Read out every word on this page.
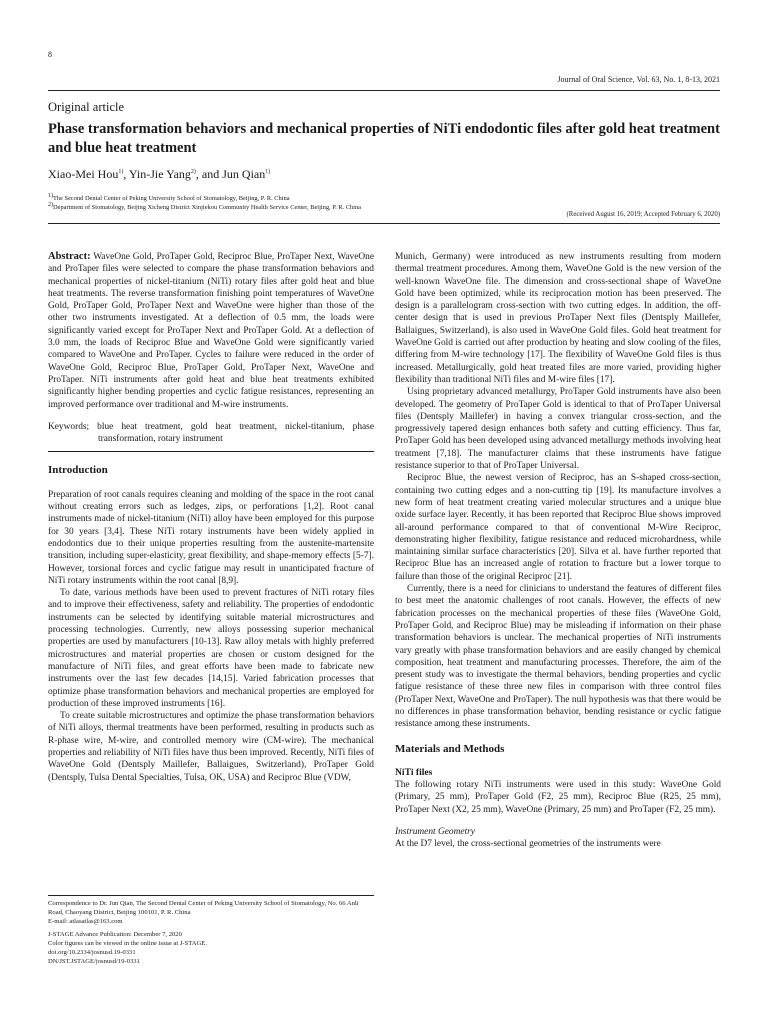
8
Journal of Oral Science, Vol. 63, No. 1, 8-13, 2021
Original article
Phase transformation behaviors and mechanical properties of NiTi endodontic files after gold heat treatment and blue heat treatment
Xiao-Mei Hou$^{1)}$, Yin-Jie Yang$^{2)}$, and Jun Qian$^{1)}$
$^{1)}$The Second Dental Center of Peking University School of Stomatology, Beijing, P. R. China
$^{2)}$Department of Stomatology, Beijing Xicheng District Xinjiekou Community Health Service Center, Beijing, P. R. China
(Received August 16, 2019; Accepted February 6, 2020)

Abstract: WaveOne Gold, ProTaper Gold, Reciproc Blue, ProTaper Next, WaveOne and ProTaper files were selected to compare the phase transformation behaviors and mechanical properties of nickel-titanium (NiTi) rotary files after gold heat and blue heat treatments. The reverse transformation finishing point temperatures of WaveOne Gold, ProTaper Gold, ProTaper Next and WaveOne were higher than those of the other two instruments investigated. At a deflection of 0.5 mm, the loads were significantly varied except for ProTaper Next and ProTaper Gold. At a deflection of 3.0 mm, the loads of Reciproc Blue and WaveOne Gold were significantly varied compared to WaveOne and ProTaper. Cycles to failure were reduced in the order of WaveOne Gold, Reciproc Blue, ProTaper Gold, ProTaper Next, WaveOne and ProTaper. NiTi instruments after gold heat and blue heat treatments exhibited significantly higher bending properties and cyclic fatigue resistances, representing an improved performance over traditional and M-wire instruments.

Keywords; blue heat treatment, gold heat treatment, nickel-titanium, phase transformation, rotary instrument

Introduction

Preparation of root canals requires cleaning and molding of the space in the root canal without creating errors such as ledges, zips, or perforations [1,2]. Root canal instruments made of nickel-titanium (NiTi) alloy have been employed for this purpose for 30 years [3,4]. These NiTi rotary instruments have been widely applied in endodontics due to their unique properties resulting from the austenite-martensite transition, including super-elasticity, great flexibility, and shape-memory effects [5-7]. However, torsional forces and cyclic fatigue may result in unanticipated fracture of NiTi rotary instruments within the root canal [8,9].

To date, various methods have been used to prevent fractures of NiTi rotary files and to improve their effectiveness, safety and reliability. The properties of endodontic instruments can be selected by identifying suitable material microstructures and processing technologies. Currently, new alloys possessing superior mechanical properties are used by manufacturers [10-13]. Raw alloy metals with highly preferred microstructures and material properties are chosen or custom designed for the manufacture of NiTi files, and great efforts have been made to fabricate new instruments over the last few decades [14,15]. Varied fabrication processes that optimize phase transformation behaviors and mechanical properties are employed for production of these improved instruments [16].

To create suitable microstructures and optimize the phase transformation behaviors of NiTi alloys, thermal treatments have been performed, resulting in products such as R-phase wire, M-wire, and controlled memory wire (CM-wire). The mechanical properties and reliability of NiTi files have thus been improved. Recently, NiTi files of WaveOne Gold (Dentsply Maillefer, Ballaigues, Switzerland), ProTaper Gold (Dentsply, Tulsa Dental Specialties, Tulsa, OK, USA) and Reciproc Blue (VDW,

Munich, Germany) were introduced as new instruments resulting from modern thermal treatment procedures. Among them, WaveOne Gold is the new version of the well-known WaveOne file. The dimension and cross-sectional shape of WaveOne Gold have been optimized, while its reciprocation motion has been preserved. The design is a parallelogram cross-section with two cutting edges. In addition, the off-center design that is used in previous ProTaper Next files (Dentsply Maillefer, Ballaigues, Switzerland), is also used in WaveOne Gold files. Gold heat treatment for WaveOne Gold is carried out after production by heating and slow cooling of the files, differing from M-wire technology [17]. The flexibility of WaveOne Gold files is thus increased. Metallurgically, gold heat treated files are more varied, providing higher flexibility than traditional NiTi files and M-wire files [17].

Using proprietary advanced metallurgy, ProTaper Gold instruments have also been developed. The geometry of ProTaper Gold is identical to that of ProTaper Universal files (Dentsply Maillefer) in having a convex triangular cross-section, and the progressively tapered design enhances both safety and cutting efficiency. Thus far, ProTaper Gold has been developed using advanced metallurgy methods involving heat treatment [7,18]. The manufacturer claims that these instruments have fatigue resistance superior to that of ProTaper Universal.

Reciproc Blue, the newest version of Reciproc, has an S-shaped cross-section, containing two cutting edges and a non-cutting tip [19]. Its manufacture involves a new form of heat treatment creating varied molecular structures and a unique blue oxide surface layer. Recently, it has been reported that Reciproc Blue shows improved all-around performance compared to that of conventional M-Wire Reciproc, demonstrating higher flexibility, fatigue resistance and reduced microhardness, while maintaining similar surface characteristics [20]. Silva et al. have further reported that Reciproc Blue has an increased angle of rotation to fracture but a lower torque to failure than those of the original Reciproc [21].

Currently, there is a need for clinicians to understand the features of different files to best meet the anatomic challenges of root canals. However, the effects of new fabrication processes on the mechanical properties of these files (WaveOne Gold, ProTaper Gold, and Reciproc Blue) may be misleading if information on their phase transformation behaviors is unclear. The mechanical properties of NiTi instruments vary greatly with phase transformation behaviors and are easily changed by chemical composition, heat treatment and manufacturing processes. Therefore, the aim of the present study was to investigate the thermal behaviors, bending properties and cyclic fatigue resistance of these three new files in comparison with three control files (ProTaper Next, WaveOne and ProTaper). The null hypothesis was that there would be no differences in phase transformation behavior, bending resistance or cyclic fatigue resistance among these instruments.

Materials and Methods

NiTi files

The following rotary NiTi instruments were used in this study: WaveOne Gold (Primary, 25 mm), ProTaper Gold (F2, 25 mm), Reciproc Blue (R25, 25 mm), ProTaper Next (X2, 25 mm), WaveOne (Primary, 25 mm) and ProTaper (F2, 25 mm).

Instrument Geometry

At the D7 level, the cross-sectional geometries of the instruments were

Correspondence to Dr. Jun Qian, The Second Dental Center of Peking University School of Stomatology, No. 66 Anli Road, Chaoyang District, Beijing 100101, P. R. China

E-mail: atlasatlas@163.com

J-STAGE Advance Publication: December 7, 2020

Color figures can be viewed in the online issue at J-STAGE.

doi.org/10.2334/josnusd.19-0331

DN/JST.JSTAGE/josnusd/19-0331
